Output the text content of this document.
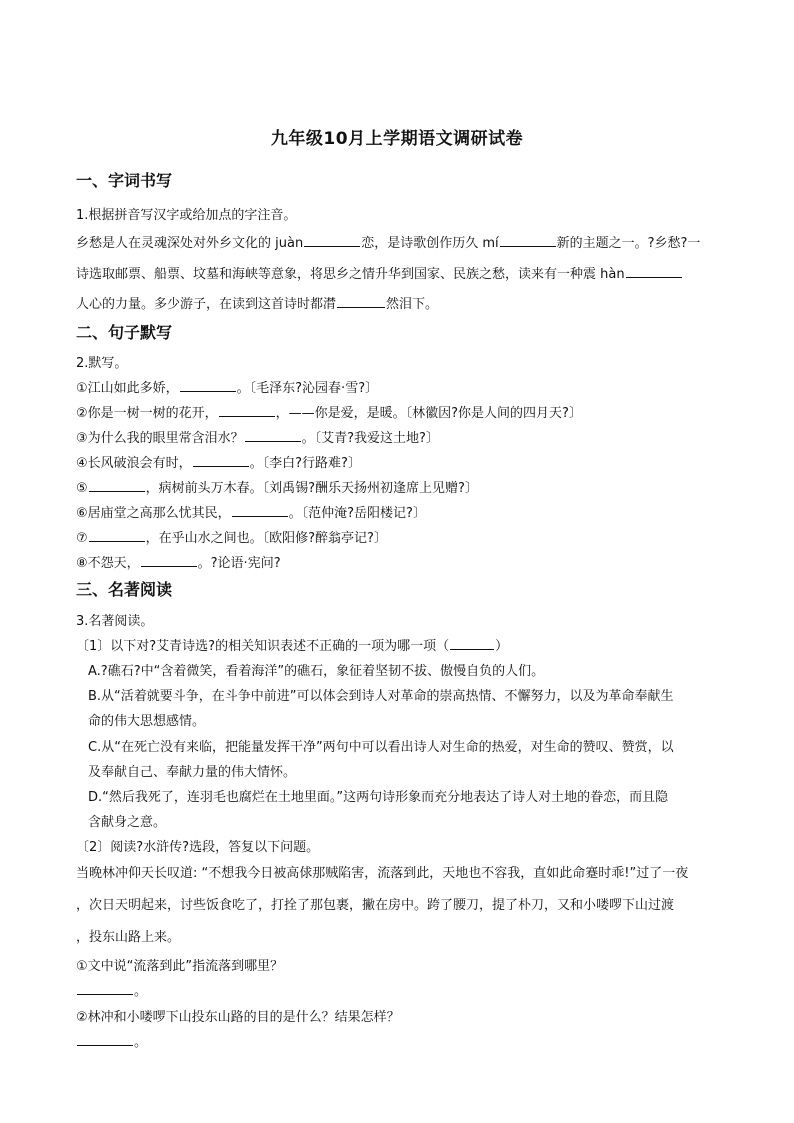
九年级10月上学期语文调研试卷
一、字词书写
1.根据拼音写汉字或给加点的字注音。
乡愁是人在灵魂深处对外乡文化的 juàn	恋，是诗歌创作历久 mí	新的主题之一。?乡愁?一
诗选取邮票、船票、坟墓和海峡等意象，将思乡之情升华到国家、民族之愁，读来有一种震 hàn
人心的力量。多少游子，在读到这首诗时都潸	然泪下。
二、句子默写
2.默写。
①江山如此多娇，	。〔毛泽东?沁园春·雪?〕
②你是一树一树的花开，	，——你是爱，是暖。〔林徽因?你是人间的四月天?〕
③为什么我的眼里常含泪水？	。〔艾青?我爱这土地?〕
④长风破浪会有时，	。〔李白?行路难?〕
⑤	，病树前头万木春。〔刘禹锡?酬乐天扬州初逢席上见赠?〕
⑥居庙堂之高那么忧其民，	。〔范仲淹?岳阳楼记?〕
⑦	，在乎山水之间也。〔欧阳修?醉翁亭记?〕
⑧不怨天，	。?论语·宪问?
三、名著阅读
3.名著阅读。
〔1〕以下对?艾青诗选?的相关知识表述不正确的一项为哪一项（	）
A.?礁石?中“含着微笑，看着海洋”的礁石，象征着坚韧不拔、傲慢自负的人们。
B.从“活着就要斗争，在斗争中前进”可以体会到诗人对革命的崇高热情、不懈努力，以及为革命奉献生
命的伟大思想感情。
C.从“在死亡没有来临，把能量发挥干净”两句中可以看出诗人对生命的热爱，对生命的赞叹、赞赏，以
及奉献自己、奉献力量的伟大情怀。
D.“然后我死了，连羽毛也腐烂在土地里面。”这两句诗形象而充分地表达了诗人对土地的眷恋，而且隐
含献身之意。
〔2〕阅读?水浒传?选段，答复以下问题。
当晚林冲仰天长叹道: “不想我今日被高俅那贼陷害，流落到此，天地也不容我，直如此命蹇时乖!”过了一夜
，次日天明起来，讨些饭食吃了，打拴了那包裹，撇在房中。跨了腰刀，提了朴刀，又和小喽啰下山过渡
，投东山路上来。
①文中说“流落到此”指流落到哪里？
。
②林冲和小喽啰下山投东山路的目的是什么？结果怎样？
。
